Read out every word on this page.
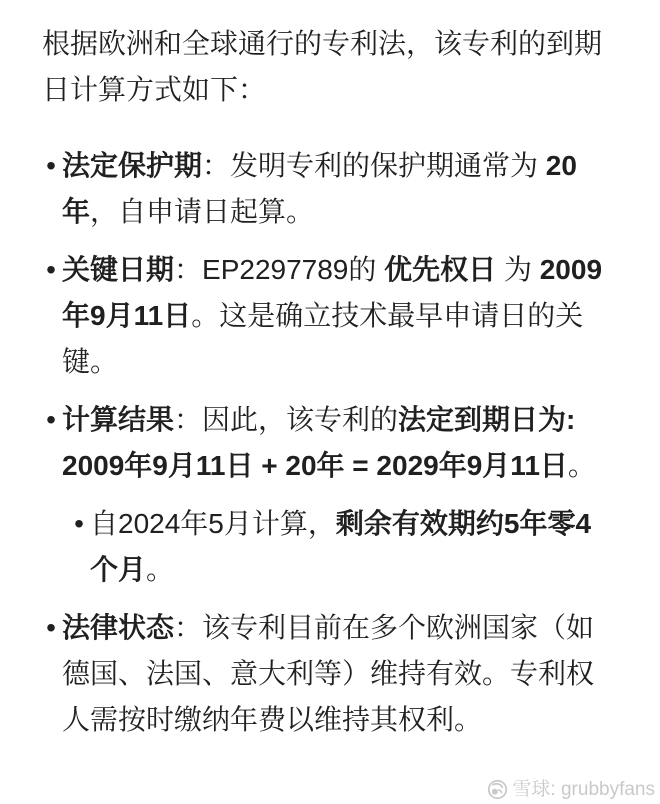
根据欧洲和全球通行的专利法，该专利的到期日计算方式如下：

• 法定保护期：发明专利的保护期通常为 20 年，自申请日起算。
• 关键日期：EP2297789的 优先权日 为 2009年9月11日。这是确立技术最早申请日的关键。
• 计算结果：因此，该专利的法定到期日为: 2009年9月11日 + 20年 = 2029年9月11日。
• 自2024年5月计算，剩余有效期约5年零4个月。
• 法律状态：该专利目前在多个欧洲国家（如德国、法国、意大利等）维持有效。专利权人需按时缴纳年费以维持其权利。
雪球: grubbyfans
